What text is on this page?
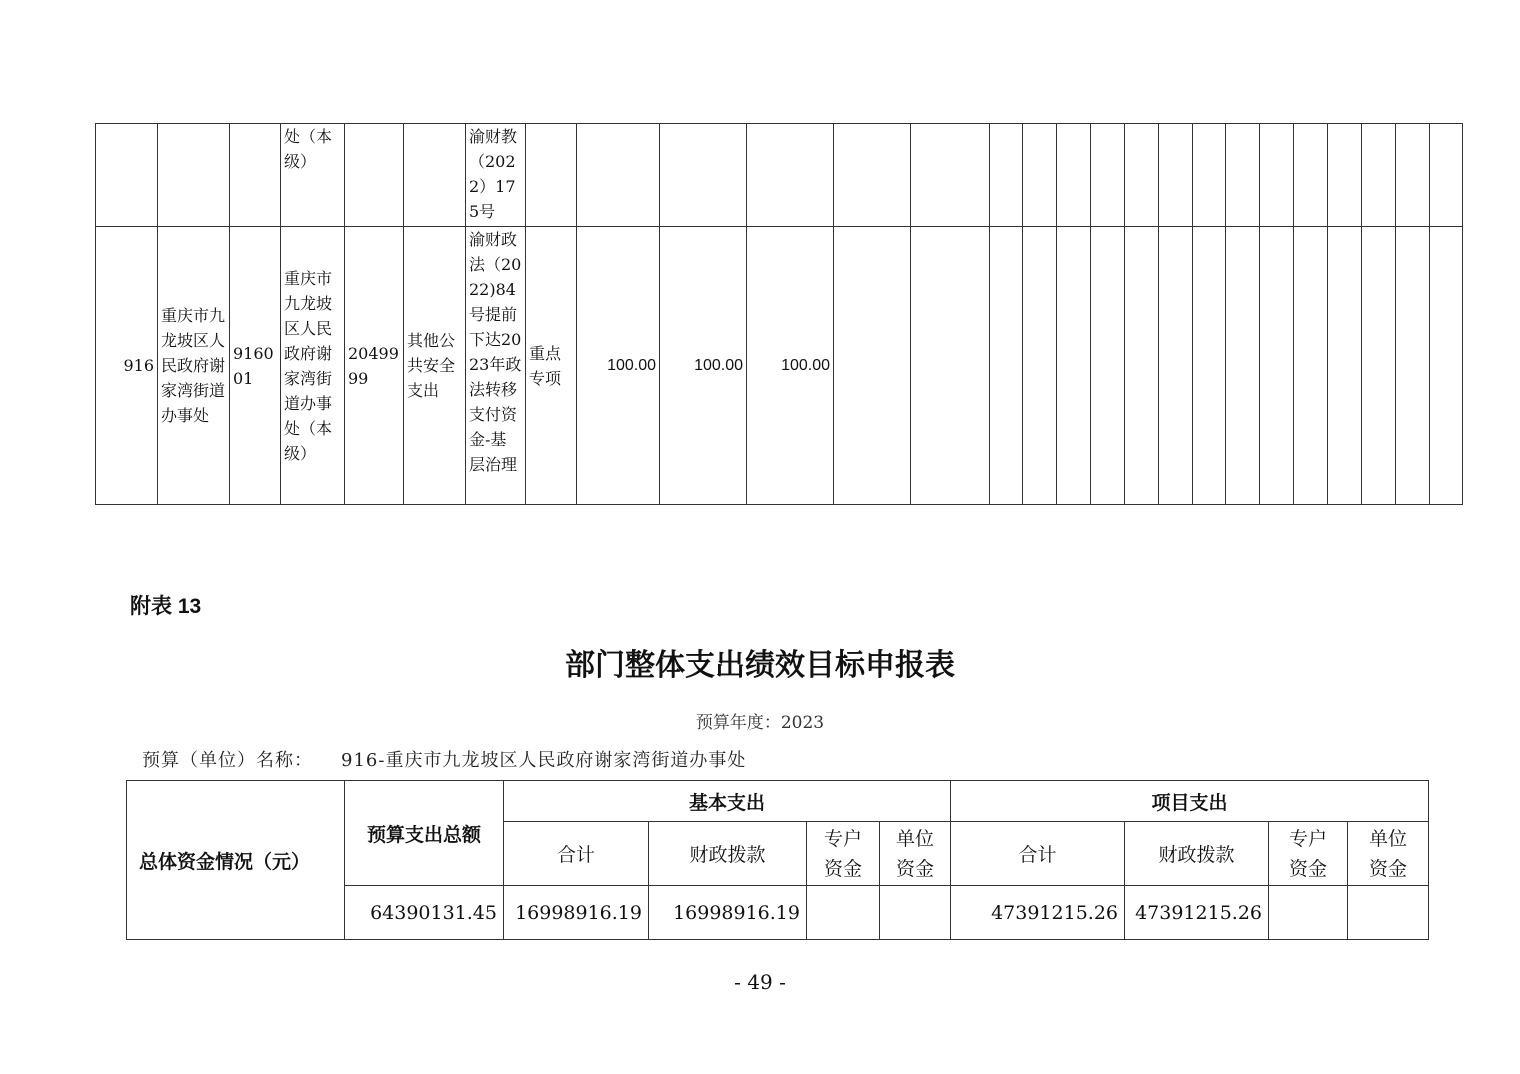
			处（本级）			渝财教（2022）175号																				
916	重庆市九龙坡区人民政府谢家湾街道办事处	916001	重庆市九龙坡区人民政府谢家湾街道办事处（本级）	2049999	其他公共安全支出	渝财政法（2022)84号提前下达2023年政法转移支付资金-基层治理	重点专项	100.00	100.00	100.00																
附表 13
部门整体支出绩效目标申报表
预算年度：2023
预算（单位）名称： 916-重庆市九龙坡区人民政府谢家湾街道办事处
总体资金情况（元）	预算支出总额	基本支出				项目支出			
		合计	财政拨款	专户资金	单位资金	合计	财政拨款	专户资金	单位资金
	64390131.45	16998916.19	16998916.19			47391215.26	47391215.26		
- 49 -
